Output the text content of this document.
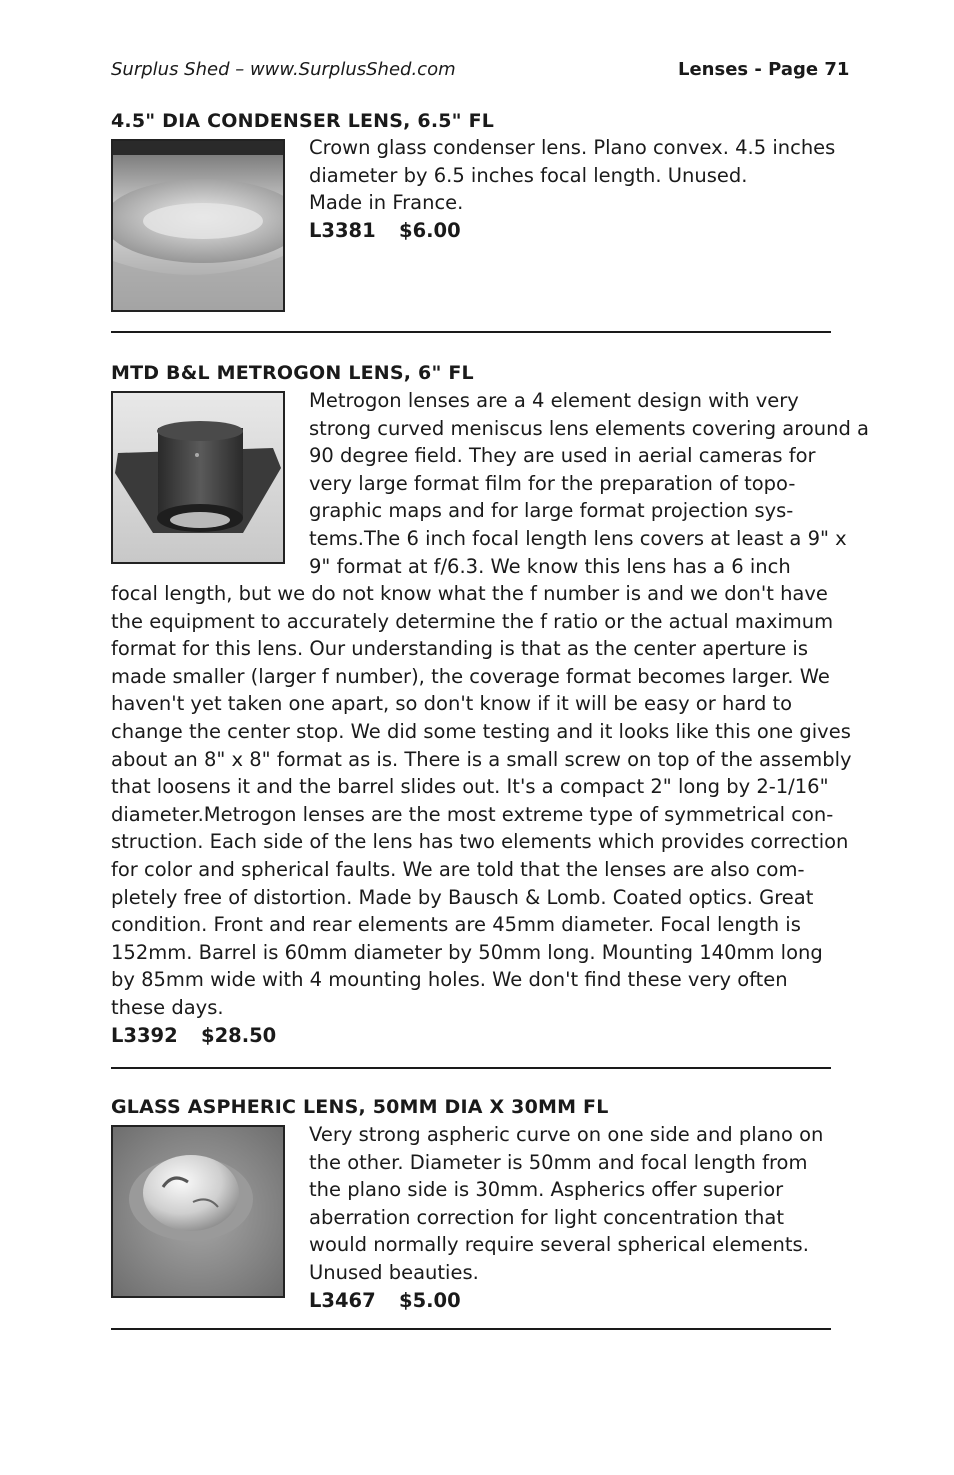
Surplus Shed – www.SurplusShed.com	Lenses - Page 71
4.5" DIA CONDENSER LENS, 6.5" FL
Crown glass condenser lens. Plano convex. 4.5 inches
diameter by 6.5 inches focal length. Unused.
Made in France.
L3381 $6.00
MTD B&L METROGON LENS, 6" FL
Metrogon lenses are a 4 element design with very
strong curved meniscus lens elements covering around a
90 degree field. They are used in aerial cameras for
very large format film for the preparation of topo-
graphic maps and for large format projection sys-
tems.The 6 inch focal length lens covers at least a 9" x
9" format at f/6.3. We know this lens has a 6 inch
focal length, but we do not know what the f number is and we don't have
the equipment to accurately determine the f ratio or the actual maximum
format for this lens. Our understanding is that as the center aperture is
made smaller (larger f number), the coverage format becomes larger. We
haven't yet taken one apart, so don't know if it will be easy or hard to
change the center stop. We did some testing and it looks like this one gives
about an 8" x 8" format as is. There is a small screw on top of the assembly
that loosens it and the barrel slides out. It's a compact 2" long by 2-1/16"
diameter.Metrogon lenses are the most extreme type of symmetrical con-
struction. Each side of the lens has two elements which provides correction
for color and spherical faults. We are told that the lenses are also com-
pletely free of distortion. Made by Bausch & Lomb. Coated optics. Great
condition. Front and rear elements are 45mm diameter. Focal length is
152mm. Barrel is 60mm diameter by 50mm long. Mounting 140mm long
by 85mm wide with 4 mounting holes. We don't find these very often
these days.
L3392 $28.50
GLASS ASPHERIC LENS, 50MM DIA X 30MM FL
Very strong aspheric curve on one side and plano on
the other. Diameter is 50mm and focal length from
the plano side is 30mm. Aspherics offer superior
aberration correction for light concentration that
would normally require several spherical elements.
Unused beauties.
L3467 $5.00
